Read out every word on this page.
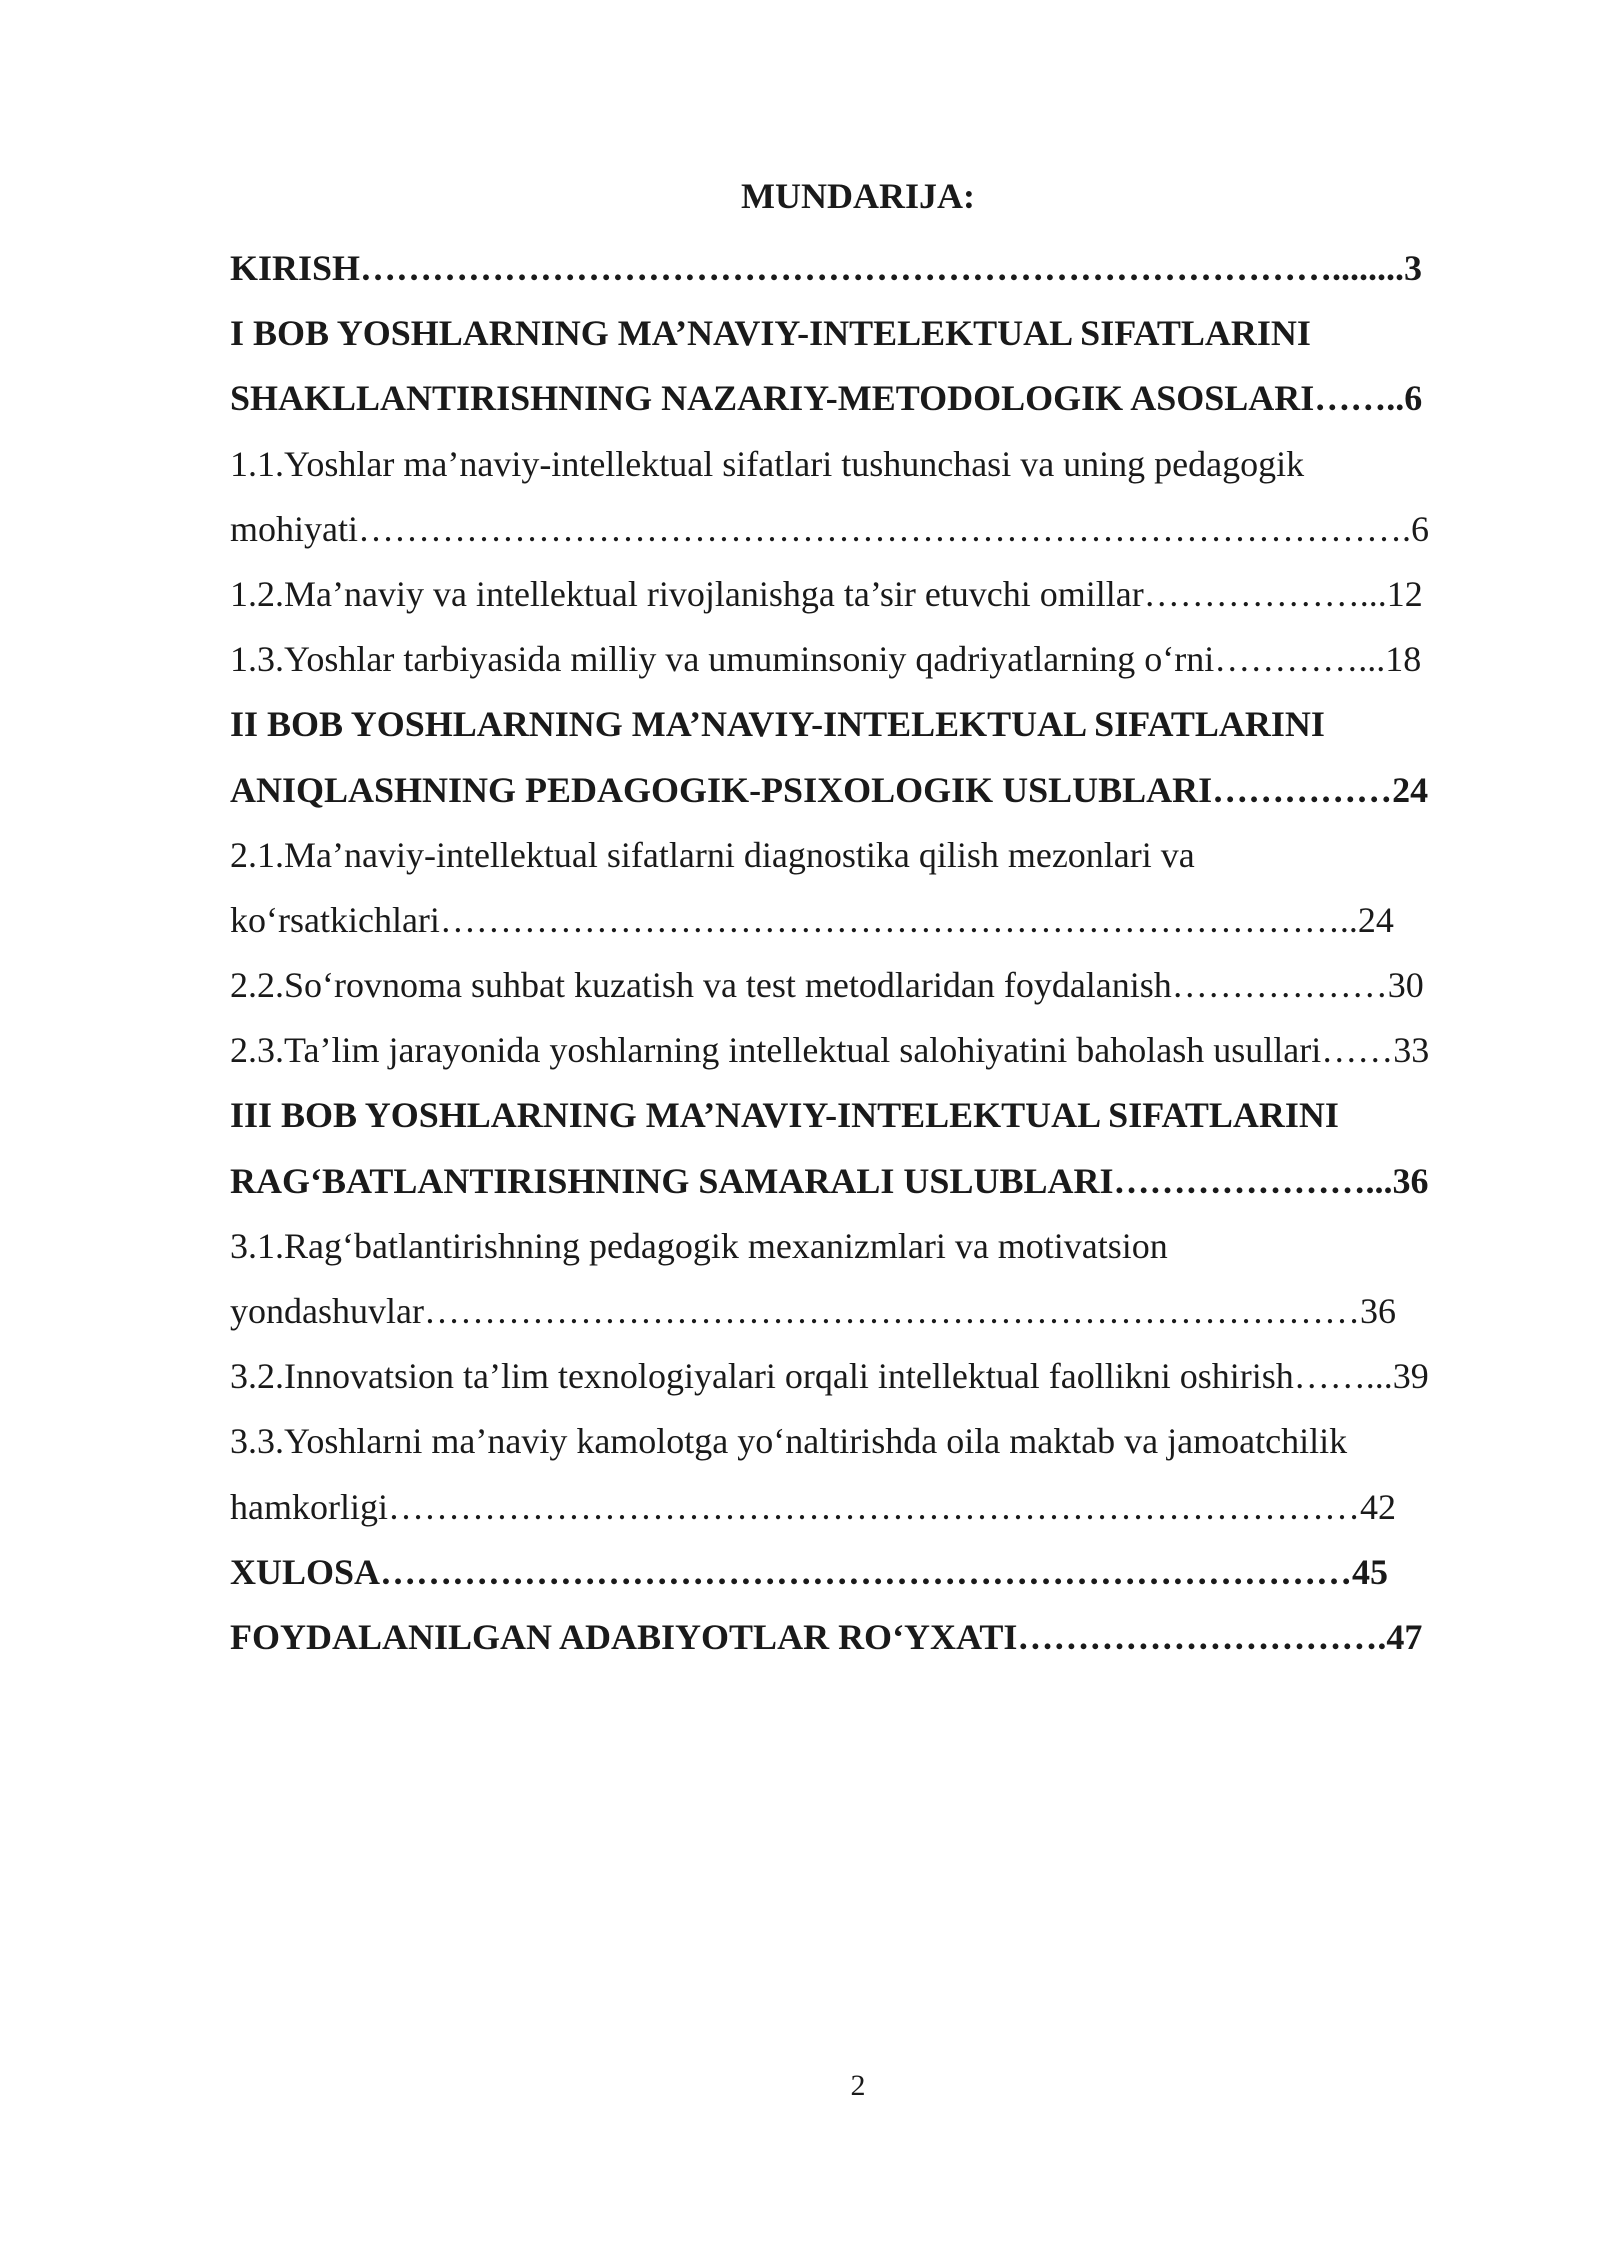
MUNDARIJA:
KIRISH………………………………………………………………………........3
I BOB YOSHLARNING MA’NAVIY-INTELEKTUAL SIFATLARINI
SHAKLLANTIRISHNING NAZARIY-METODOLOGIK ASOSLARI……..6
1.1.Yoshlar ma’naviy-intellektual sifatlari tushunchasi va uning pedagogik
mohiyati…………………………………………………………………………….6
1.2.Ma’naviy va intellektual rivojlanishga ta’sir etuvchi omillar………………...12
1.3.Yoshlar tarbiyasida milliy va umuminsoniy qadriyatlarning o‘rni…………...18
II BOB YOSHLARNING MA’NAVIY-INTELEKTUAL SIFATLARINI
ANIQLASHNING PEDAGOGIK-PSIXOLOGIK USLUBLARI……………24
2.1.Ma’naviy-intellektual sifatlarni diagnostika qilish mezonlari va
ko‘rsatkichlari…………………………………………………………………..24
2.2.So‘rovnoma suhbat kuzatish va test metodlaridan foydalanish………………30
2.3.Ta’lim jarayonida yoshlarning intellektual salohiyatini baholash usullari……33
III BOB YOSHLARNING MA’NAVIY-INTELEKTUAL SIFATLARINI
RAG‘BATLANTIRISHNING SAMARALI USLUBLARI…………………...36
3.1.Rag‘batlantirishning pedagogik mexanizmlari va motivatsion
yondashuvlar……………………………………………………………………36
3.2.Innovatsion ta’lim texnologiyalari orqali intellektual faollikni oshirish……...39
3.3.Yoshlarni ma’naviy kamolotga yo‘naltirishda oila maktab va jamoatchilik
hamkorligi………………………………………………………………………42
XULOSA………………………………………………………………………45
FOYDALANILGAN ADABIYOTLAR RO‘YXATI………………………….47
2
